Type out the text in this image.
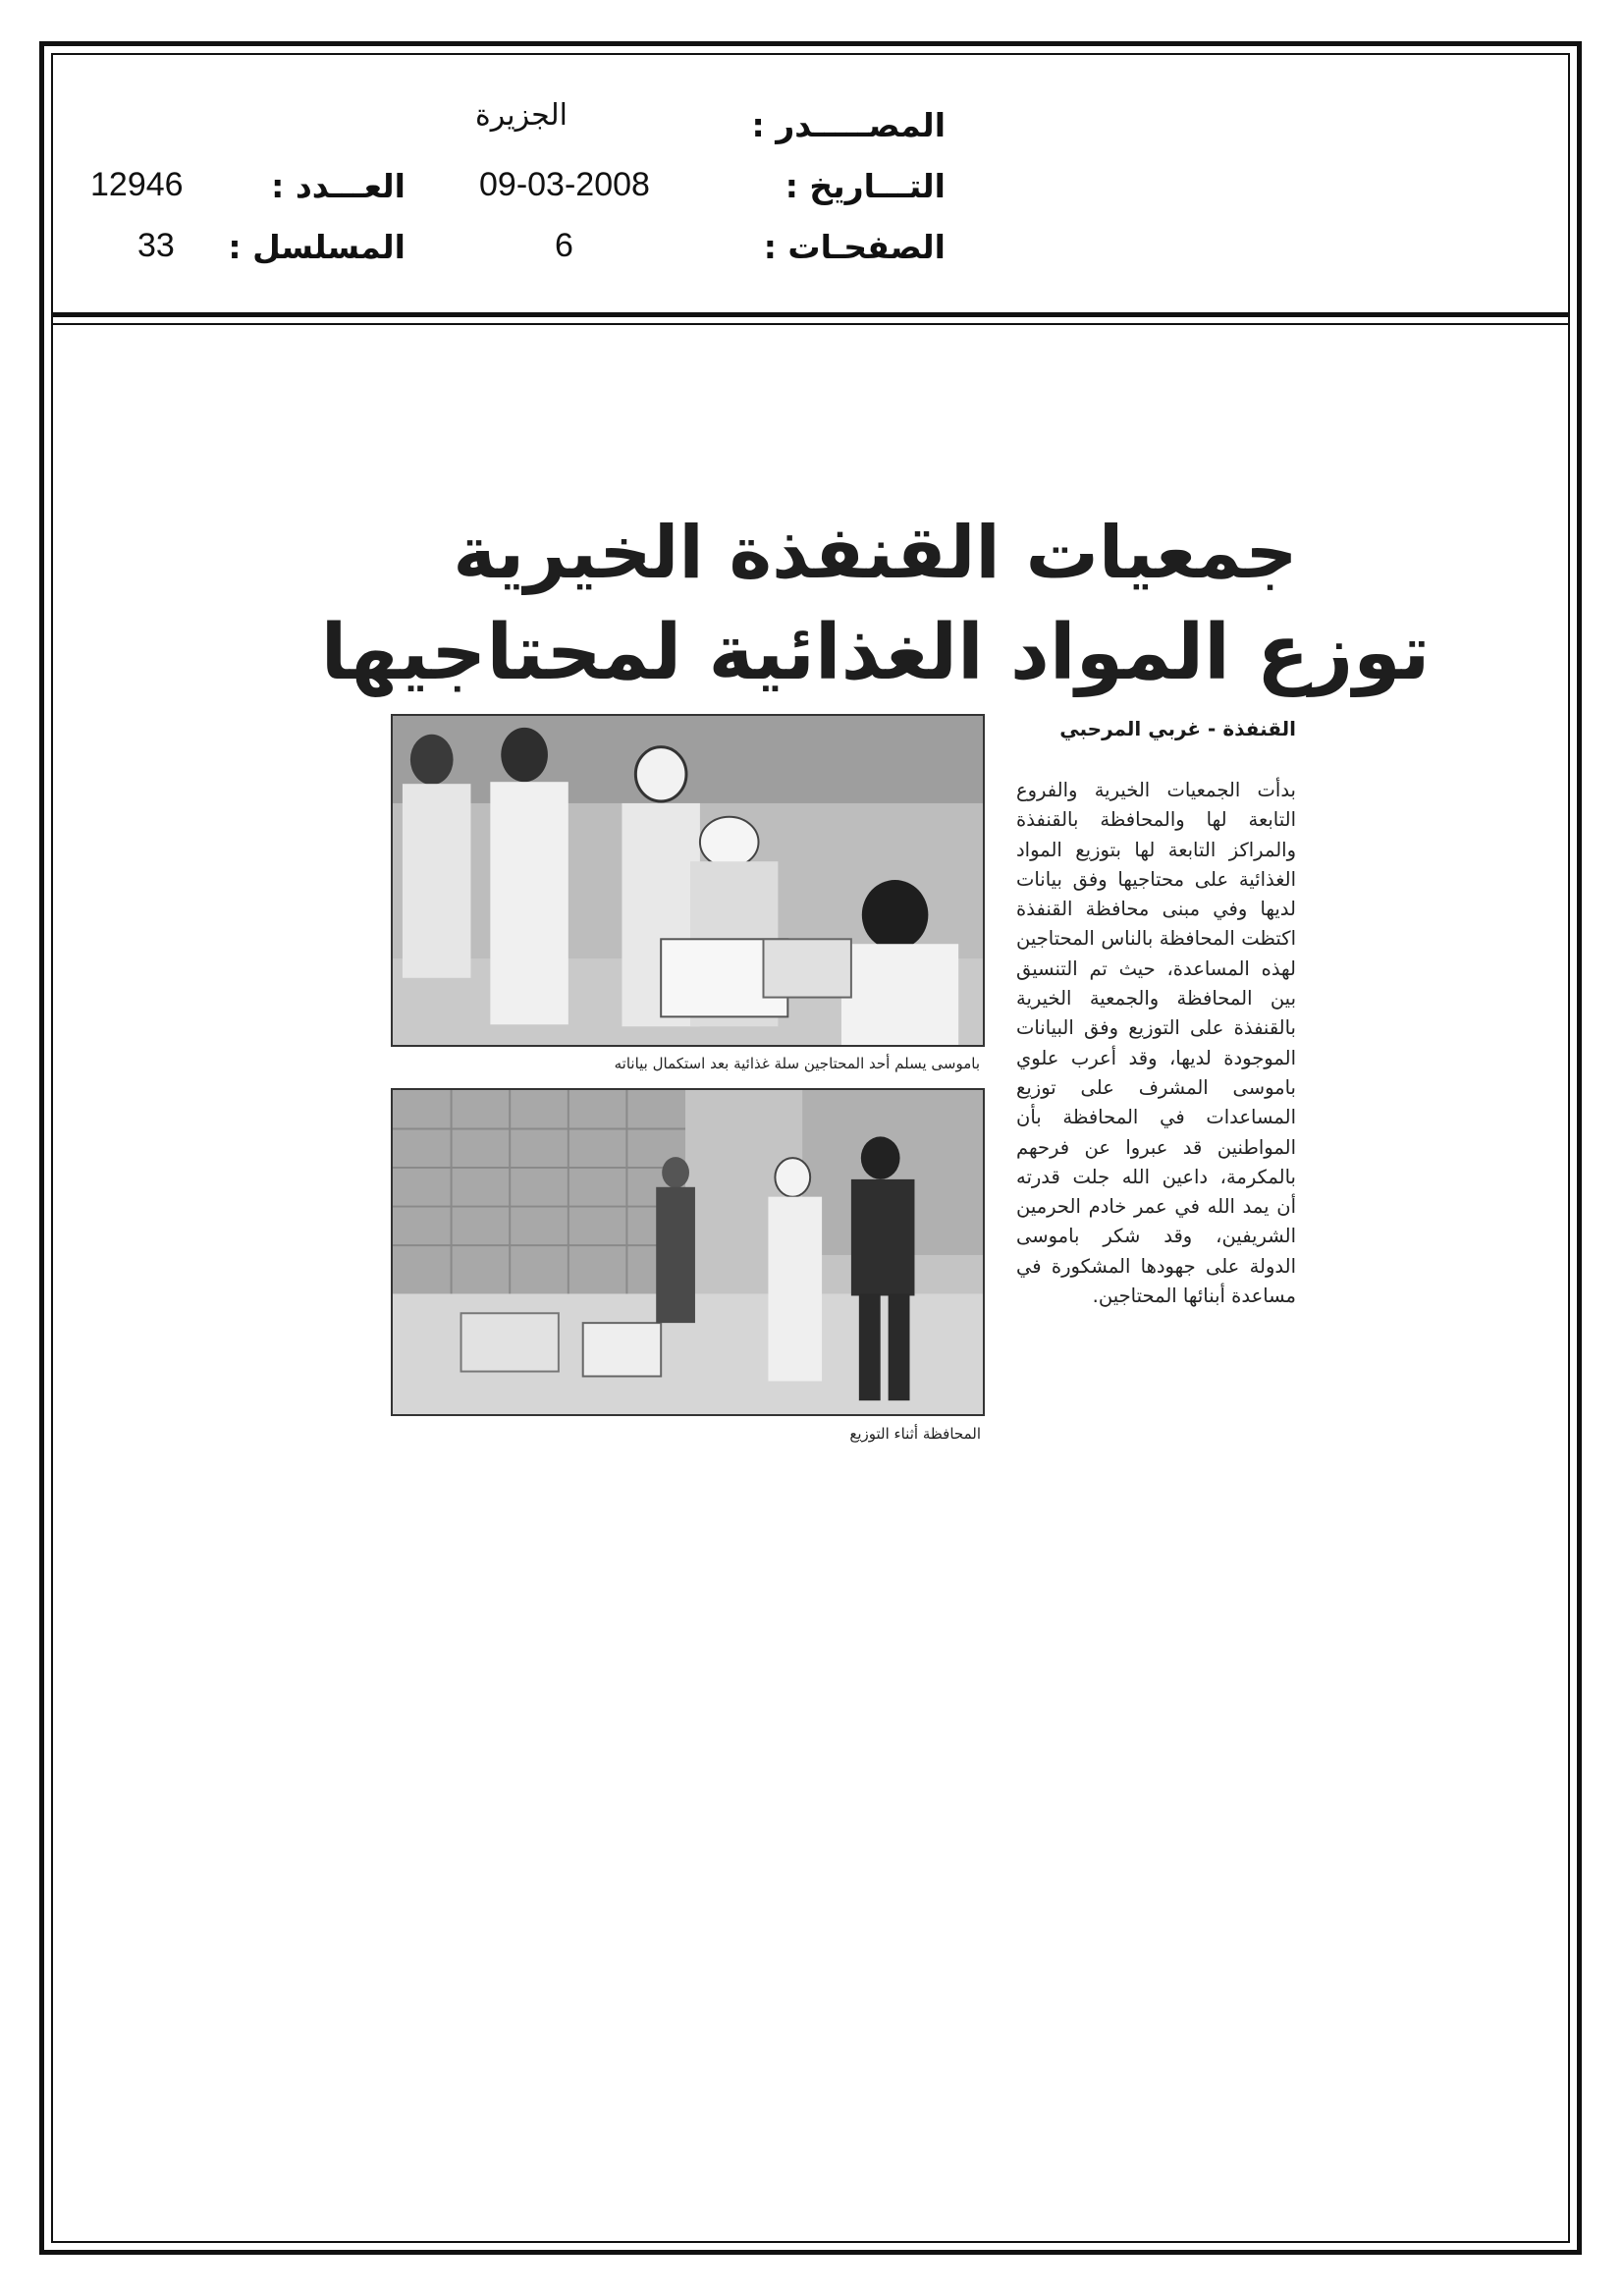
المصـــــدر :
الجزيرة
التـــاريخ :
09-03-2008
العـــدد :
12946
الصفحـات :
6
المسلسل :
33
جمعيات القنفذة الخيرية
توزع المواد الغذائية لمحتاجيها
القنفذة - غربي المرحبي

بدأت الجمعيات الخيرية والفروع التابعة لها والمحافظة بالقنفذة والمراكز التابعة لها بتوزيع المواد الغذائية على محتاجيها وفق بيانات لديها وفي مبنى محافظة القنفذة اكتظت المحافظة بالناس المحتاجين لهذه المساعدة، حيث تم التنسيق بين المحافظة والجمعية الخيرية بالقنفذة على التوزيع وفق البيانات الموجودة لديها، وقد أعرب علوي باموسى المشرف على توزيع المساعدات في المحافظة بأن المواطنين قد عبروا عن فرحهم بالمكرمة، داعين الله جلت قدرته أن يمد الله في عمر خادم الحرمين الشريفين، وقد شكر باموسى الدولة على جهودها المشكورة في مساعدة أبنائها المحتاجين.

باموسى يسلم أحد المحتاجين سلة غذائية بعد استكمال بياناته
المحافظة أثناء التوزيع
